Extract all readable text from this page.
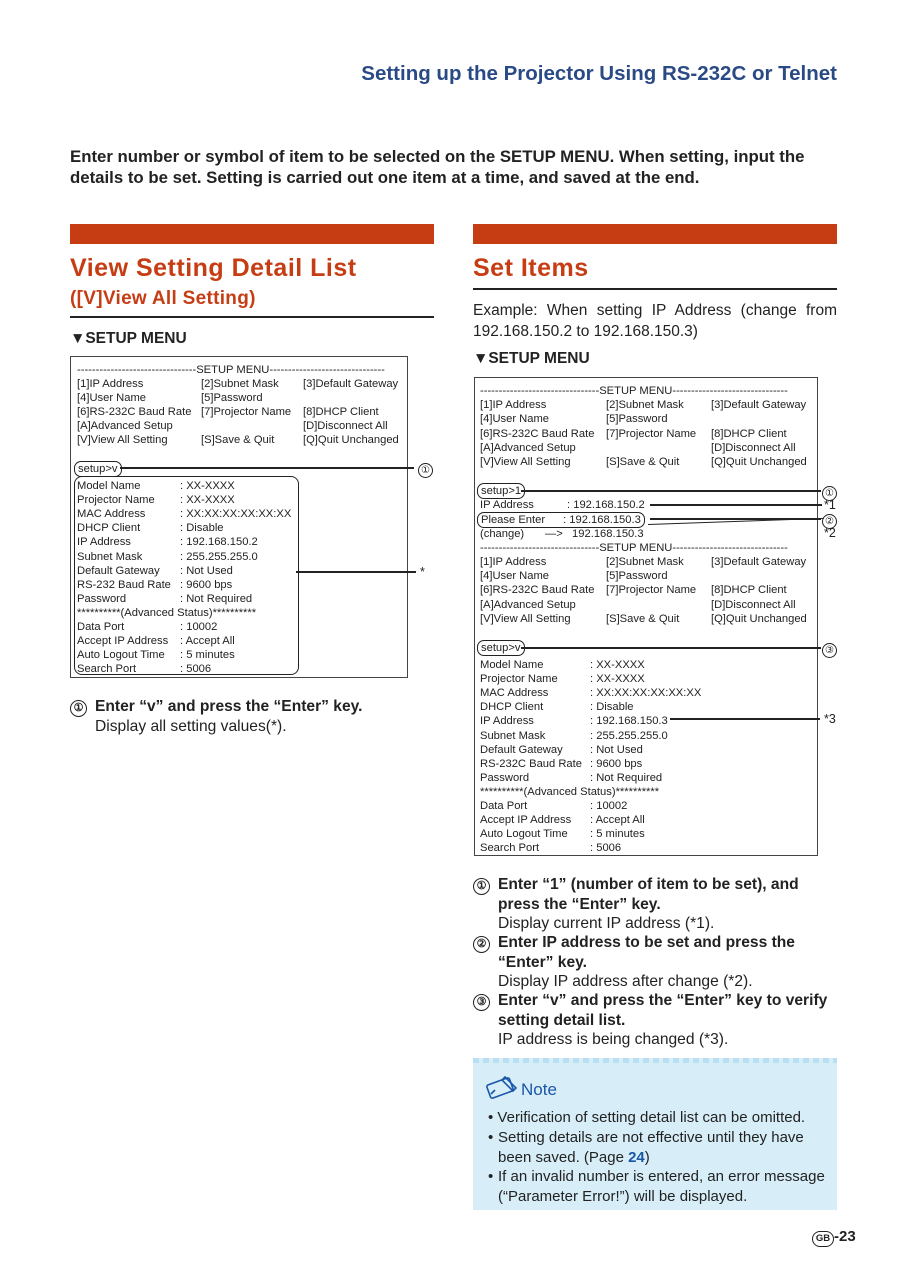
Setting up the Projector Using RS-232C or Telnet
Enter number or symbol of item to be selected on the SETUP MENU. When setting, input the details to be set. Setting is carried out one item at a time, and saved at the end.
View Setting Detail List
([V]View All Setting)
▼SETUP MENU
--------------------------------SETUP MENU-------------------------------
[1]IP Address	[2]Subnet Mask [3]Default Gateway
[4]User Name	[5]Password
[6]RS-232C Baud Rate [7]Projector Name [8]DHCP Client
[A]Advanced Setup	[D]Disconnect All
[V]View All Setting	[S]Save & Quit	[Q]Quit Unchanged
setup>v
Model Name	: XX-XXXX
Projector Name : XX-XXXX
MAC Address	: XX:XX:XX:XX:XX:XX
DHCP Client	: Disable
IP Address	: 192.168.150.2
Subnet Mask	: 255.255.255.0
Default Gateway : Not Used
RS-232 Baud Rate : 9600 bps
Password	: Not Required
**********(Advanced Status)**********
Data Port	: 10002
Accept IP Address : Accept All
Auto Logout Time : 5 minutes
Search Port	: 5006
①
*
① Enter “v” and press the “Enter” key.
Display all setting values(*).
Set Items
Example: When setting IP Address (change from 192.168.150.2 to 192.168.150.3)
▼SETUP MENU
--------------------------------SETUP MENU-------------------------------
[1]IP Address	[2]Subnet Mask [3]Default Gateway
[4]User Name	[5]Password
[6]RS-232C Baud Rate [7]Projector Name [8]DHCP Client
[A]Advanced Setup	[D]Disconnect All
[V]View All Setting	[S]Save & Quit	[Q]Quit Unchanged
setup>1
IP Address	: 192.168.150.2
Please Enter : 192.168.150.3
(change) —>   192.168.150.3
--------------------------------SETUP MENU-------------------------------
[1]IP Address	[2]Subnet Mask [3]Default Gateway
[4]User Name	[5]Password
[6]RS-232C Baud Rate [7]Projector Name [8]DHCP Client
[A]Advanced Setup	[D]Disconnect All
[V]View All Setting	[S]Save & Quit	[Q]Quit Unchanged
setup>v
Model Name	: XX-XXXX
Projector Name	: XX-XXXX
MAC Address	: XX:XX:XX:XX:XX:XX
DHCP Client	: Disable
IP Address	: 192.168.150.3
Subnet Mask	: 255.255.255.0
Default Gateway : Not Used
RS-232C Baud Rate : 9600 bps
Password	: Not Required
**********(Advanced Status)**********
Data Port	: 10002
Accept IP Address : Accept All
Auto Logout Time : 5 minutes
Search Port	: 5006
①
*1
②
*2
③
*3
① Enter “1” (number of item to be set), and press the “Enter” key.
Display current IP address (*1).
② Enter IP address to be set and press the “Enter” key.
Display IP address after change (*2).
③ Enter “v” and press the “Enter” key to verify setting detail list.
IP address is being changed (*3).
Note
• Verification of setting detail list can be omitted.
• Setting details are not effective until they have been saved. (Page 24)
• If an invalid number is entered, an error message (“Parameter Error!”) will be displayed.
GB -23
